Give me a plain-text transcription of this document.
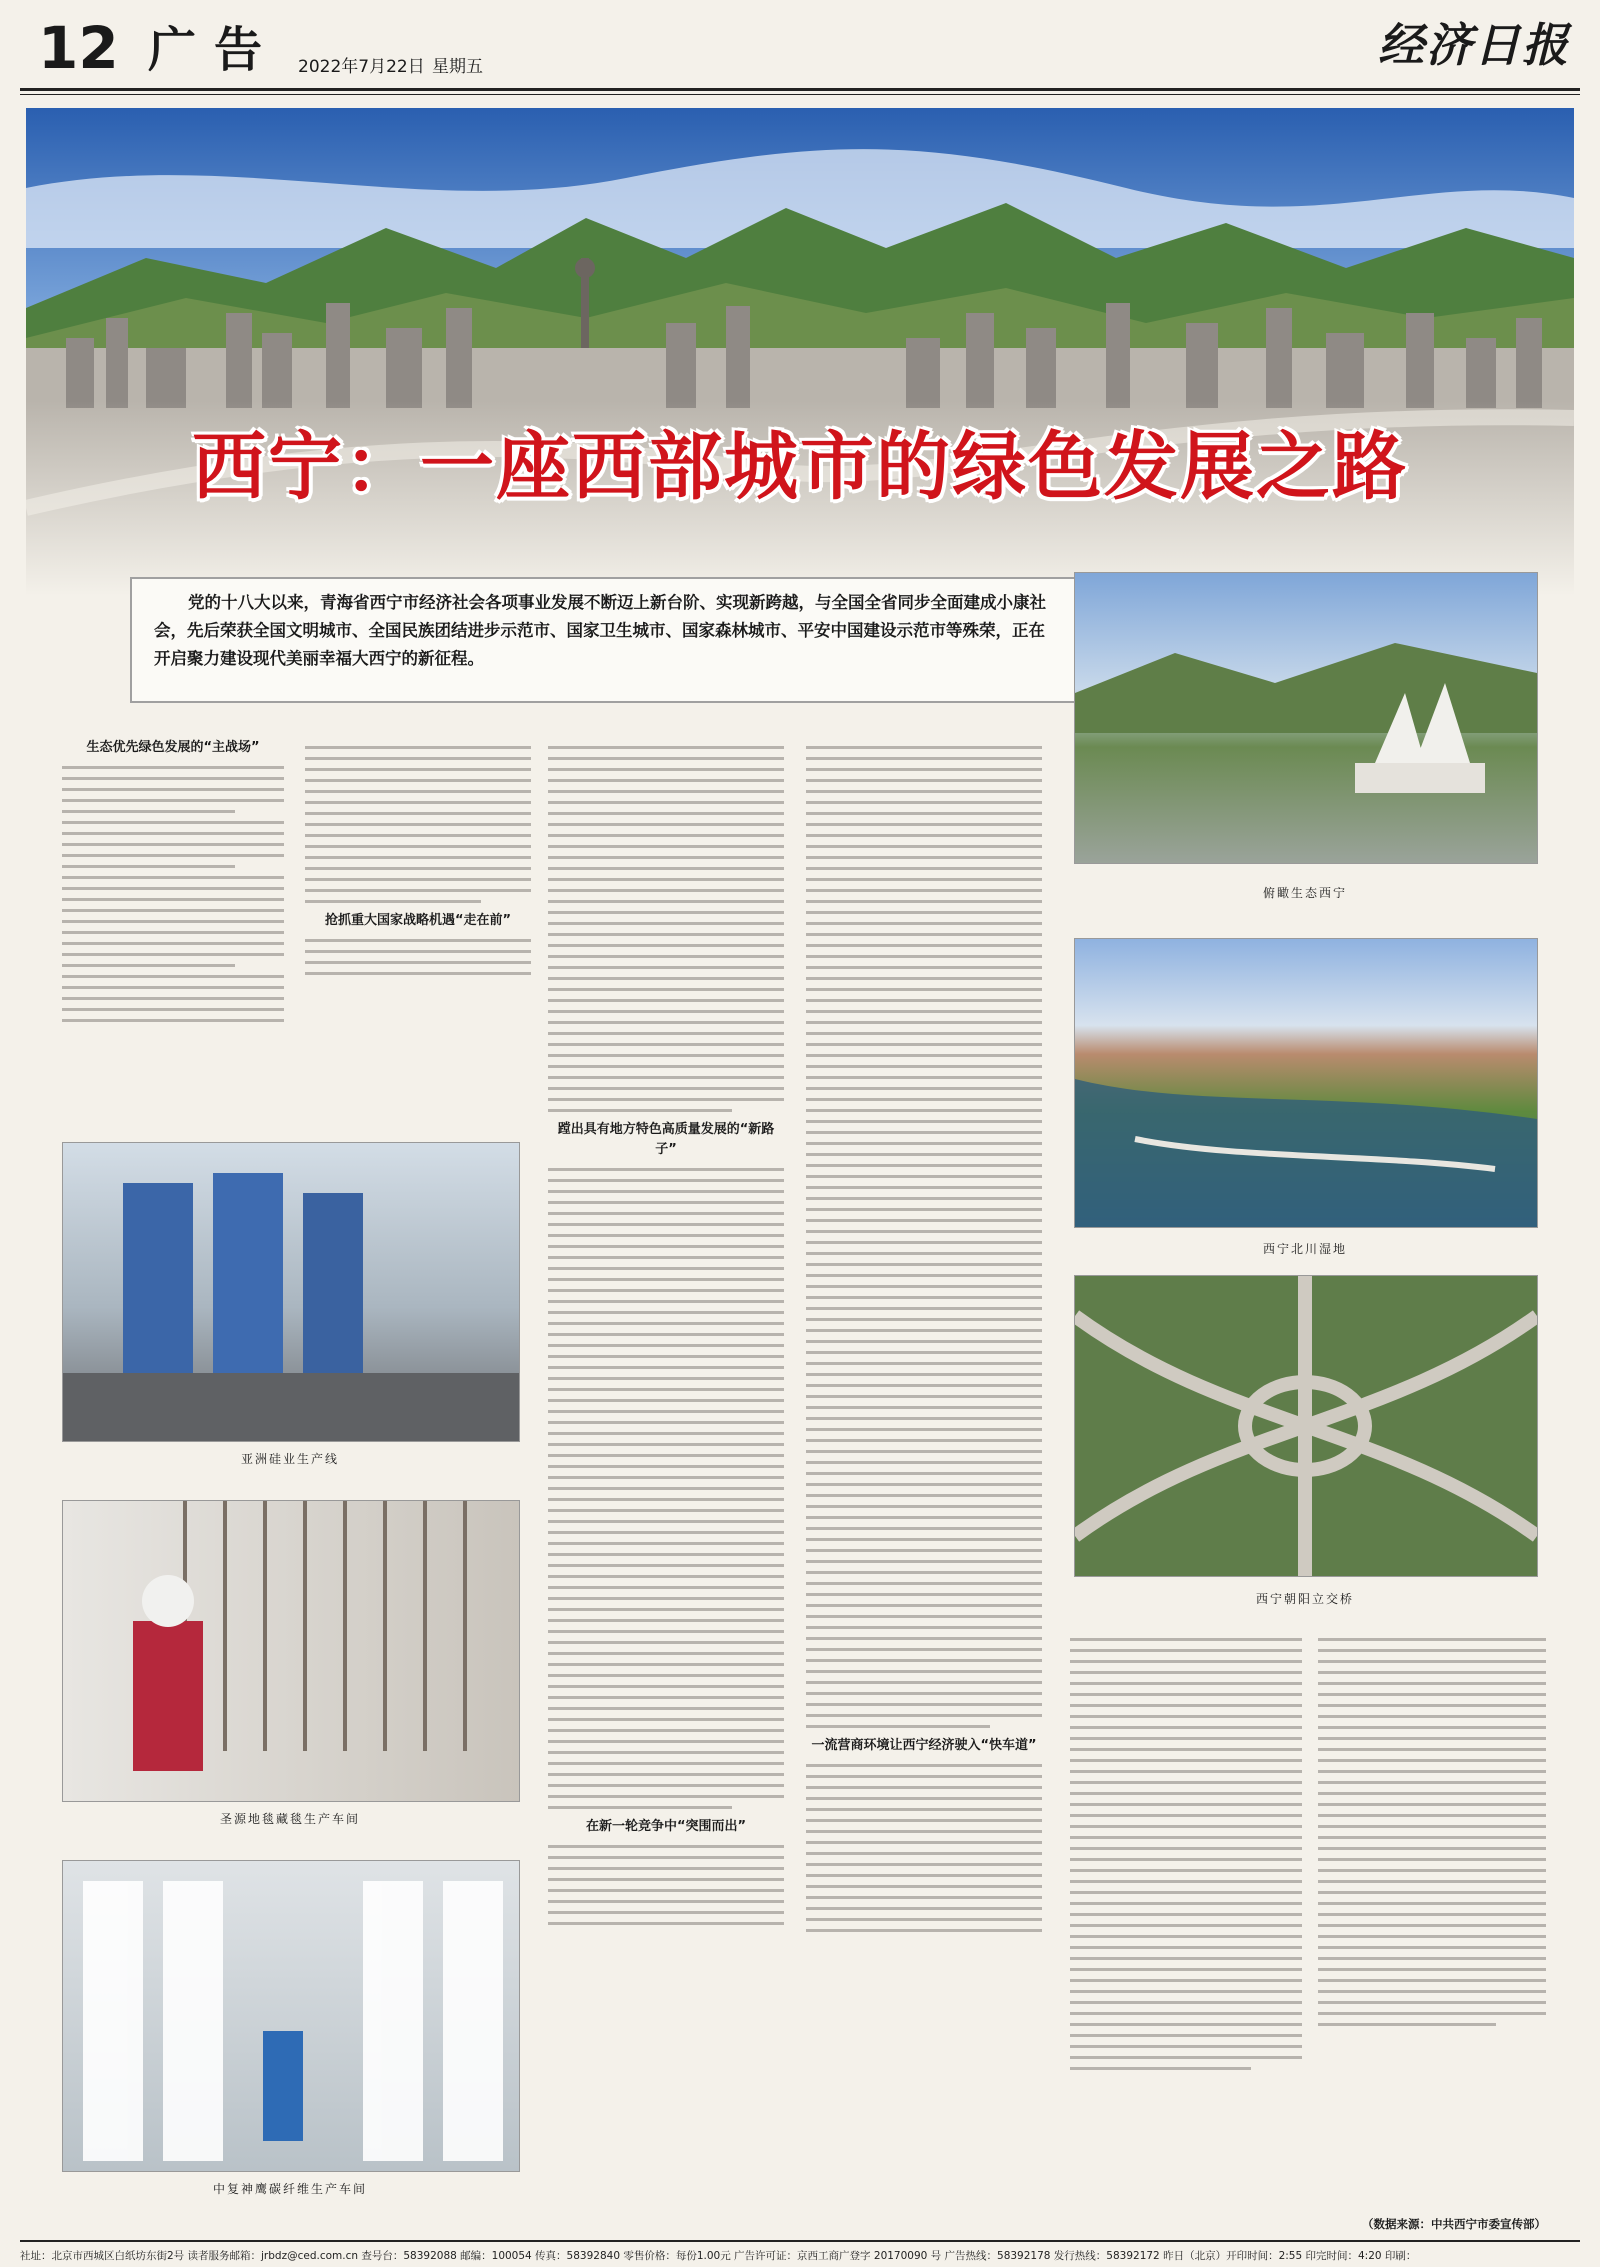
12 广告 2022年7月22日 星期五	经济日报
西宁：一座西部城市的绿色发展之路
党的十八大以来，青海省西宁市经济社会各项事业发展不断迈上新台阶、实现新跨越，与全国全省同步全面建成小康社会，先后荣获全国文明城市、全国民族团结进步示范市、国家卫生城市、国家森林城市、平安中国建设示范市等殊荣，正在开启聚力建设现代美丽幸福大西宁的新征程。
生态优先绿色发展的“主战场”
抢抓重大国家战略机遇“走在前”
亚洲硅业生产线
圣源地毯藏毯生产车间
中复神鹰碳纤维生产车间
蹚出具有地方特色高质量发展的“新路子”
在新一轮竞争中“突围而出”
一流营商环境让西宁经济驶入“快车道”
俯瞰生态西宁
西宁北川湿地
西宁朝阳立交桥
（数据来源：中共西宁市委宣传部）
社址：北京市西城区白纸坊东街2号 读者服务邮箱：jrbdz@ced.com.cn 查号台：58392088 邮编：100054 传真：58392840 零售价格：每份1.00元 广告许可证：京西工商广登字 20170090 号 广告热线：58392178 发行热线：58392172 昨日（北京）开印时间：2:55 印完时间：4:20 印刷：
